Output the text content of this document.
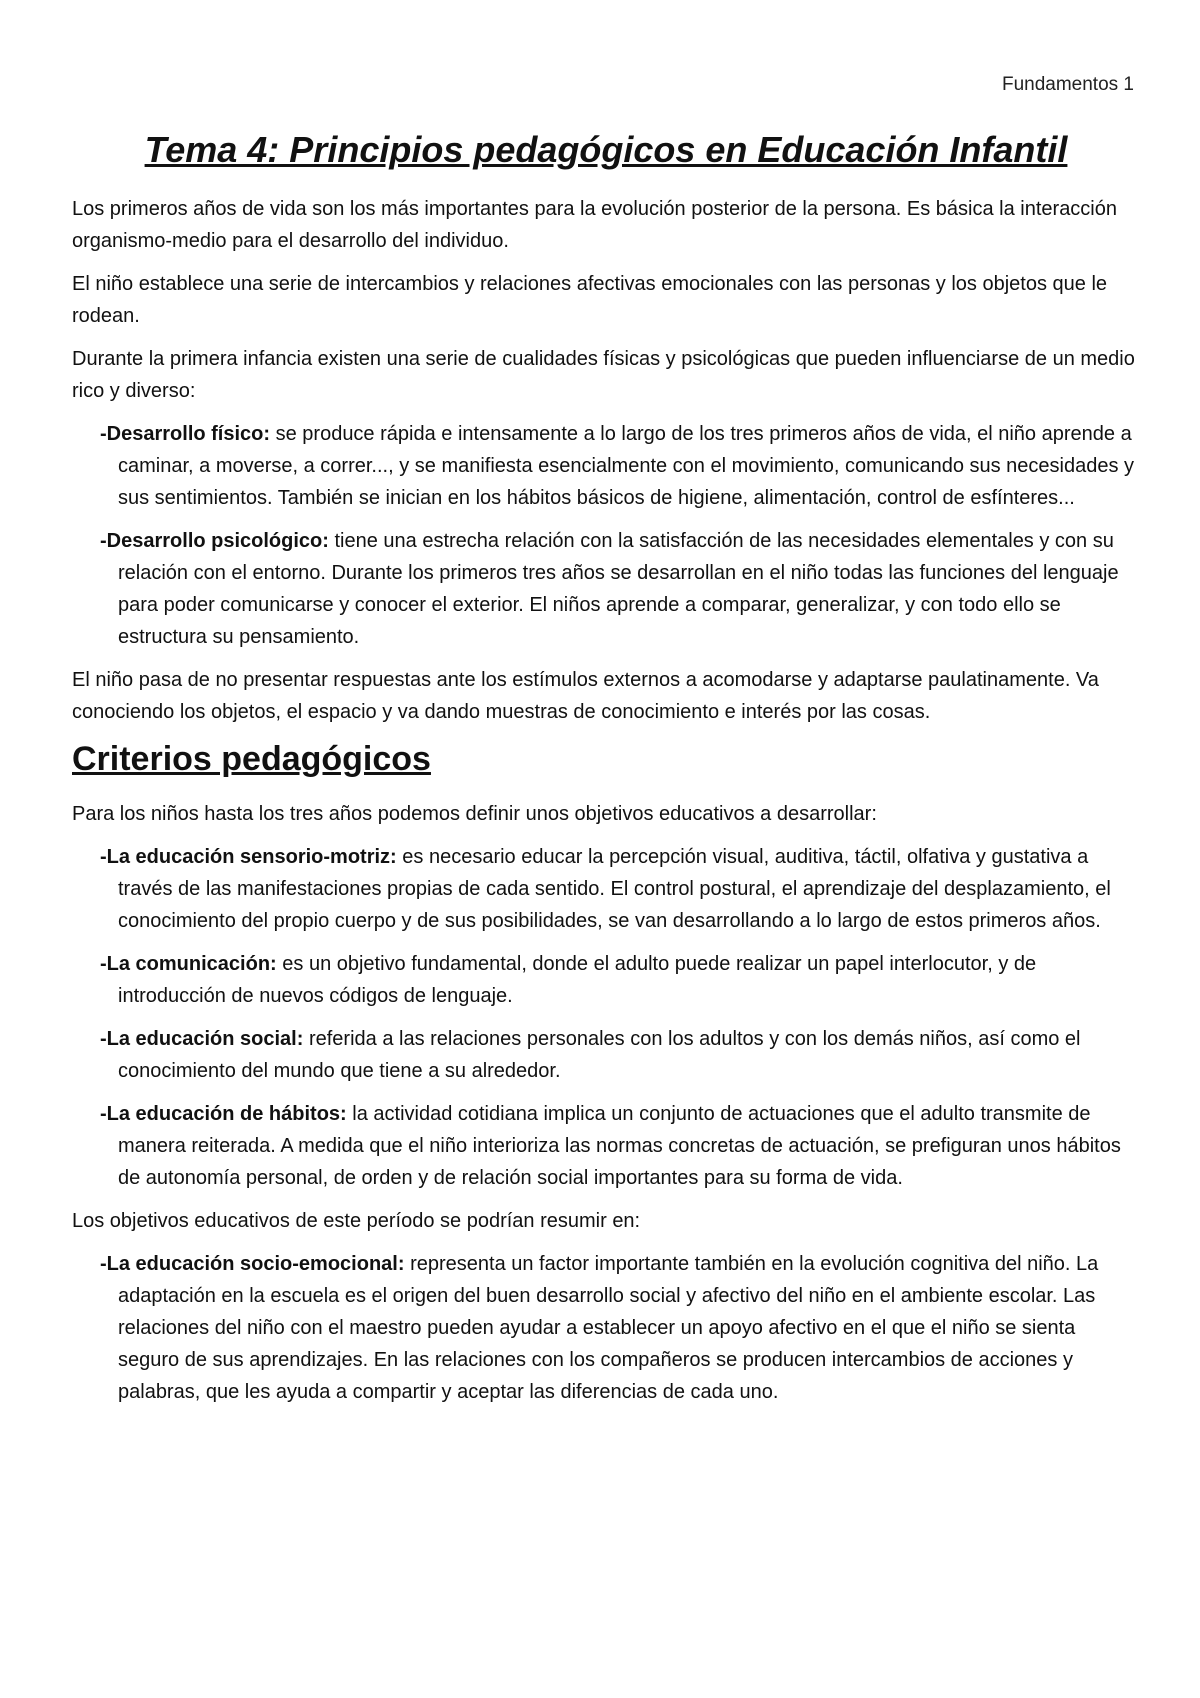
Fundamentos 1
Tema 4: Principios pedagógicos en Educación Infantil

Los primeros años de vida son los más importantes para la evolución posterior de la persona. Es básica la interacción organismo-medio para el desarrollo del individuo.

El niño establece una serie de intercambios y relaciones afectivas emocionales con las personas y los objetos que le rodean.

Durante la primera infancia existen una serie de cualidades físicas y psicológicas que pueden influenciarse de un medio rico y diverso:

-Desarrollo físico: se produce rápida e intensamente a lo largo de los tres primeros años de vida, el niño aprende a caminar, a moverse, a correr..., y se manifiesta esencialmente con el movimiento, comunicando sus necesidades y sus sentimientos. También se inician en los hábitos básicos de higiene, alimentación, control de esfínteres...
-Desarrollo psicológico: tiene una estrecha relación con la satisfacción de las necesidades elementales y con su relación con el entorno. Durante los primeros tres años se desarrollan en el niño todas las funciones del lenguaje para poder comunicarse y conocer el exterior. El niños aprende a comparar, generalizar, y con todo ello se estructura su pensamiento.

El niño pasa de no presentar respuestas ante los estímulos externos a acomodarse y adaptarse paulatinamente. Va conociendo los objetos, el espacio y va dando muestras de conocimiento e interés por las cosas.

Criterios pedagógicos

Para los niños hasta los tres años podemos definir unos objetivos educativos a desarrollar:

-La educación sensorio-motriz: es necesario educar la percepción visual, auditiva, táctil, olfativa y gustativa a través de las manifestaciones propias de cada sentido. El control postural, el aprendizaje del desplazamiento, el conocimiento del propio cuerpo y de sus posibilidades, se van desarrollando a lo largo de estos primeros años.
-La comunicación: es un objetivo fundamental, donde el adulto puede realizar un papel interlocutor, y de introducción de nuevos códigos de lenguaje.
-La educación social: referida a las relaciones personales con los adultos y con los demás niños, así como el conocimiento del mundo que tiene a su alrededor.
-La educación de hábitos: la actividad cotidiana implica un conjunto de actuaciones que el adulto transmite de manera reiterada. A medida que el niño interioriza las normas concretas de actuación, se prefiguran unos hábitos de autonomía personal, de orden y de relación social importantes para su forma de vida.

Los objetivos educativos de este período se podrían resumir en:

-La educación socio-emocional: representa un factor importante también en la evolución cognitiva del niño. La adaptación en la escuela es el origen del buen desarrollo social y afectivo del niño en el ambiente escolar. Las relaciones del niño con el maestro pueden ayudar a establecer un apoyo afectivo en el que el niño se sienta seguro de sus aprendizajes. En las relaciones con los compañeros se producen intercambios de acciones y palabras, que les ayuda a compartir y aceptar las diferencias de cada uno.
